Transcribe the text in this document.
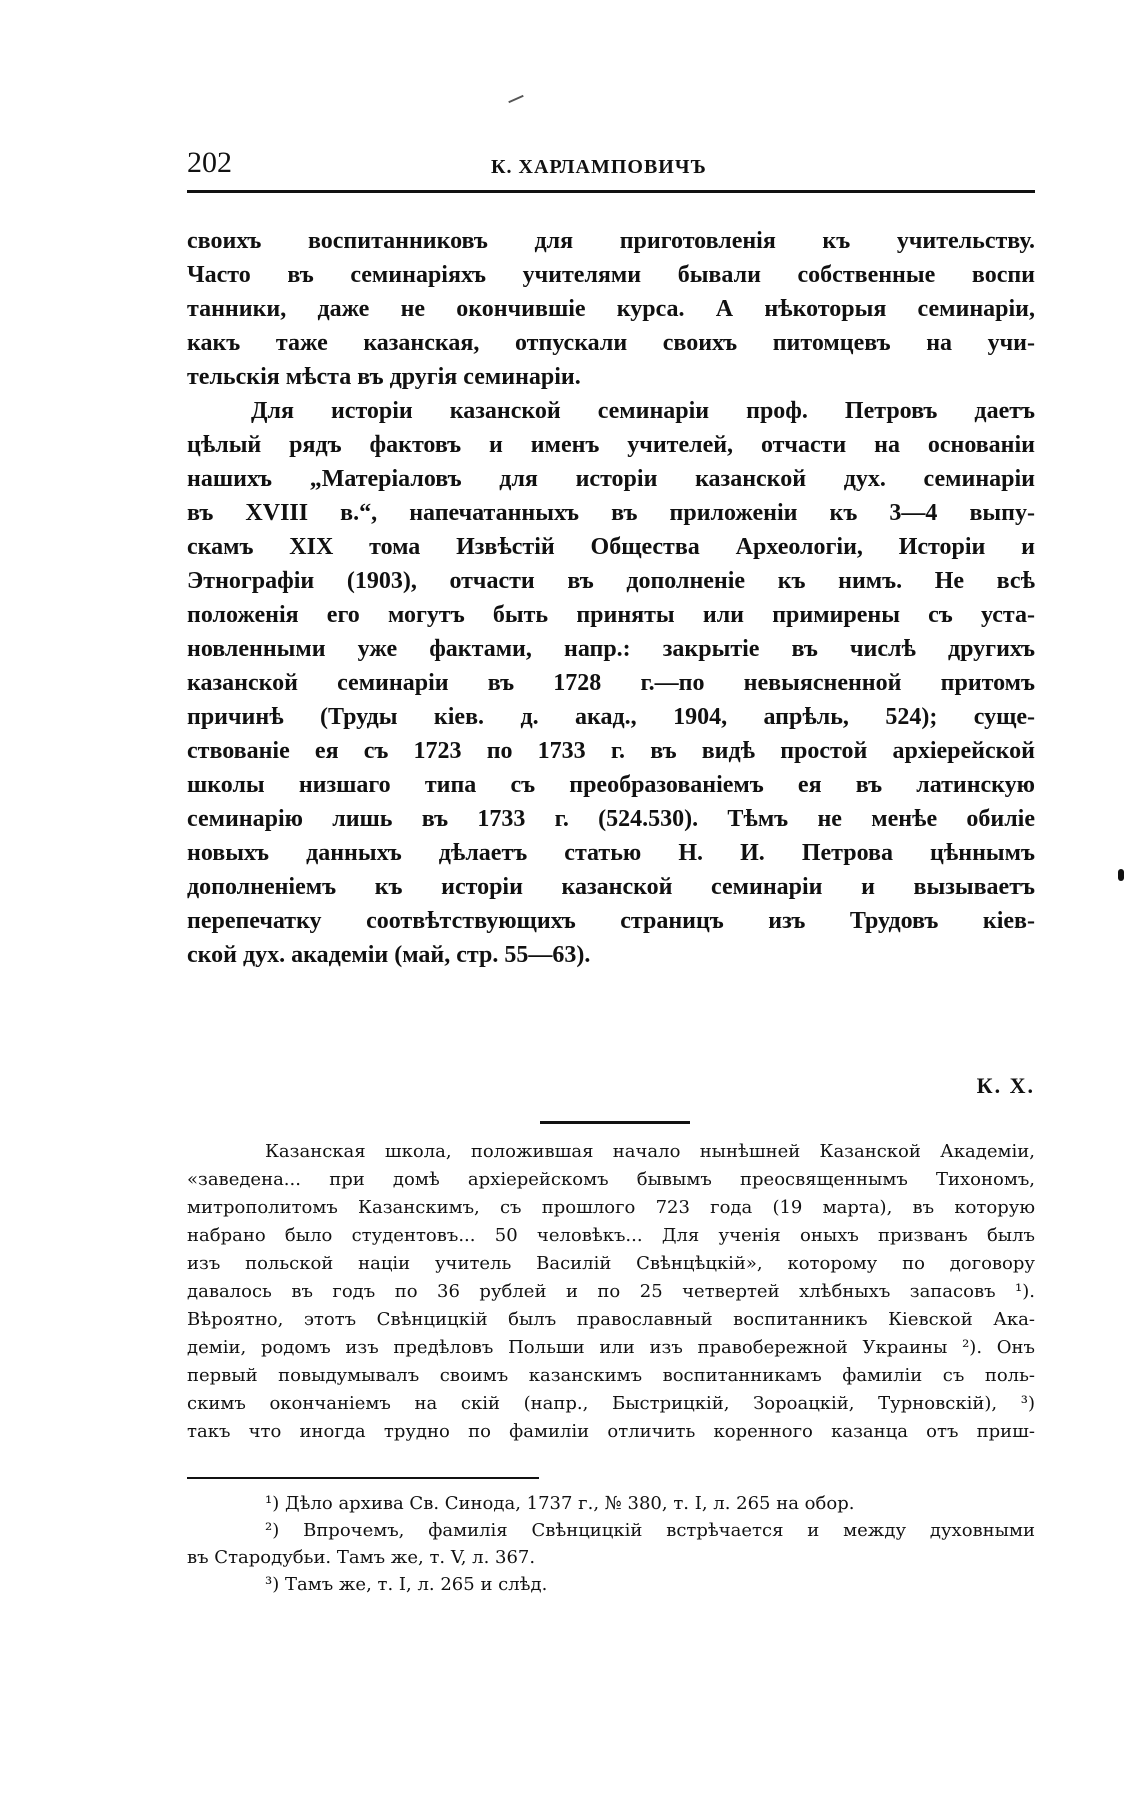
202	К. ХАРЛАМПОВИЧЪ
своихъ воспитанниковъ для приготовленія къ учительству.
Часто въ семинаріяхъ учителями бывали собственные воспи
танники, даже не окончившіе курса. А нѣкоторыя семинаріи,
какъ таже казанская, отпускали своихъ питомцевъ на учи-
тельскія мѣста въ другія семинаріи.
Для исторіи казанской семинаріи проф. Петровъ даетъ
цѣлый рядъ фактовъ и именъ учителей, отчасти на основаніи
нашихъ „Матеріаловъ для исторіи казанской дух. семинаріи
въ XVIII в.“, напечатанныхъ въ приложеніи къ 3—4 выпу-
скамъ XIX тома Извѣстій Общества Археологіи, Исторіи и
Этнографіи (1903), отчасти въ дополненіе къ нимъ. Не всѣ
положенія его могутъ быть приняты или примирены съ уста-
новленными уже фактами, напр.: закрытіе въ числѣ другихъ
казанской семинаріи въ 1728 г.—по невыясненной притомъ
причинѣ (Труды кіев. д. акад., 1904, апрѣль, 524); суще-
ствованіе ея съ 1723 по 1733 г. въ видѣ простой архіерейской
школы низшаго типа съ преобразованіемъ ея въ латинскую
семинарію лишь въ 1733 г. (524.530). Тѣмъ не менѣе обиліе
новыхъ данныхъ дѣлаетъ статью Н. И. Петрова цѣннымъ
дополненіемъ къ исторіи казанской семинаріи и вызываетъ
перепечатку соотвѣтствующихъ страницъ изъ Трудовъ кіев-
ской дух. академіи (май, стр. 55—63).
К. Х.
Казанская школа, положившая начало нынѣшней Казанской Академіи,
«заведена... при домѣ архіерейскомъ бывымъ преосвященнымъ Тихономъ,
митрополитомъ Казанскимъ, съ прошлого 723 года (19 марта), въ которую
набрано было студентовъ... 50 человѣкъ... Для ученія оныхъ призванъ былъ
изъ польской націи учитель Василій Свѣнцѣцкій», которому по договору
давалось въ годъ по 36 рублей и по 25 четвертей хлѣбныхъ запасовъ ¹).
Вѣроятно, этотъ Свѣнцицкій былъ православный воспитанникъ Кіевской Ака-
деміи, родомъ изъ предѣловъ Польши или изъ правобережной Украины ²). Онъ
первый повыдумывалъ своимъ казанскимъ воспитанникамъ фамиліи съ поль-
скимъ окончаніемъ на скій (напр., Быстрицкій, Зороацкій, Турновскій), ³)
такъ что иногда трудно по фамиліи отличить коренного казанца отъ приш-
¹) Дѣло архива Св. Синода, 1737 г., № 380, т. I, л. 265 на обор.
²) Впрочемъ, фамилія Свѣнцицкій встрѣчается и между духовными
въ Стародубьи. Тамъ же, т. V, л. 367.
³) Тамъ же, т. I, л. 265 и слѣд.
